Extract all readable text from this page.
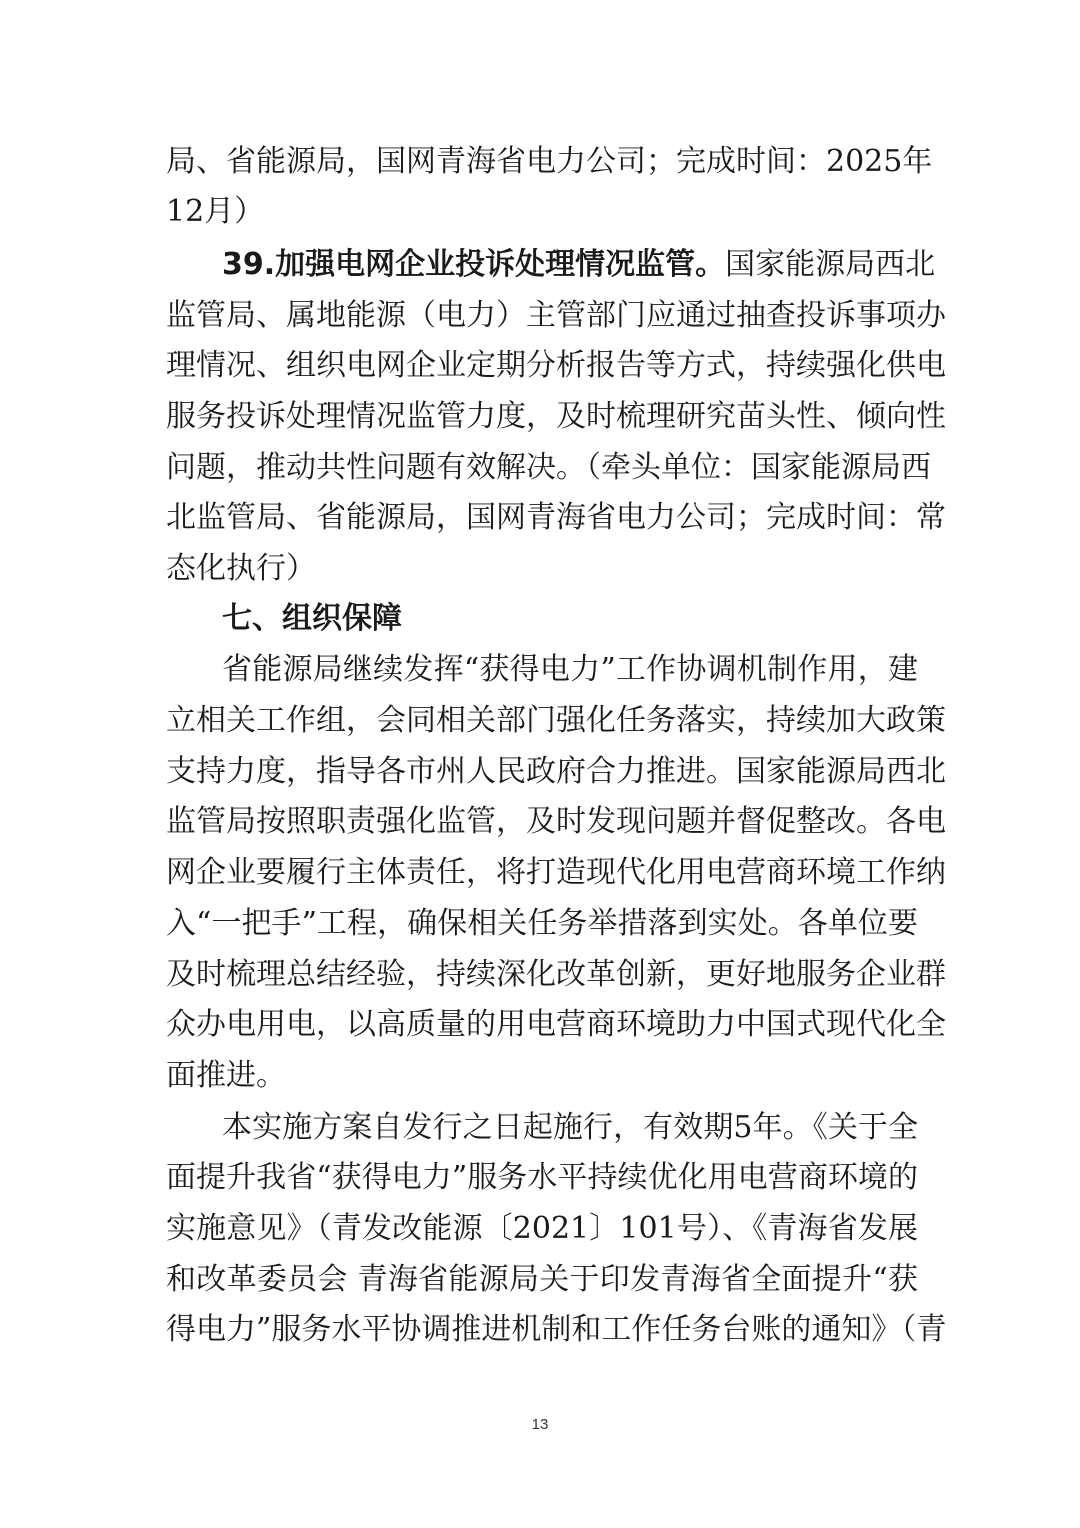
局、省能源局，国网青海省电力公司；完成时间：2025年
12月）
39.加强电网企业投诉处理情况监管。国家能源局西北
监管局、属地能源（电力）主管部门应通过抽查投诉事项办
理情况、组织电网企业定期分析报告等方式，持续强化供电
服务投诉处理情况监管力度，及时梳理研究苗头性、倾向性
问题，推动共性问题有效解决。（牵头单位：国家能源局西
北监管局、省能源局，国网青海省电力公司；完成时间：常
态化执行）
七、组织保障
省能源局继续发挥“获得电力”工作协调机制作用，建
立相关工作组，会同相关部门强化任务落实，持续加大政策
支持力度，指导各市州人民政府合力推进。国家能源局西北
监管局按照职责强化监管，及时发现问题并督促整改。各电
网企业要履行主体责任，将打造现代化用电营商环境工作纳
入“一把手”工程，确保相关任务举措落到实处。各单位要
及时梳理总结经验，持续深化改革创新，更好地服务企业群
众办电用电，以高质量的用电营商环境助力中国式现代化全
面推进。
本实施方案自发行之日起施行，有效期5年。《关于全
面提升我省“获得电力”服务水平持续优化用电营商环境的
实施意见》（青发改能源〔2021〕101号）、《青海省发展
和改革委员会 青海省能源局关于印发青海省全面提升“获
得电力”服务水平协调推进机制和工作任务台账的通知》（青
13
